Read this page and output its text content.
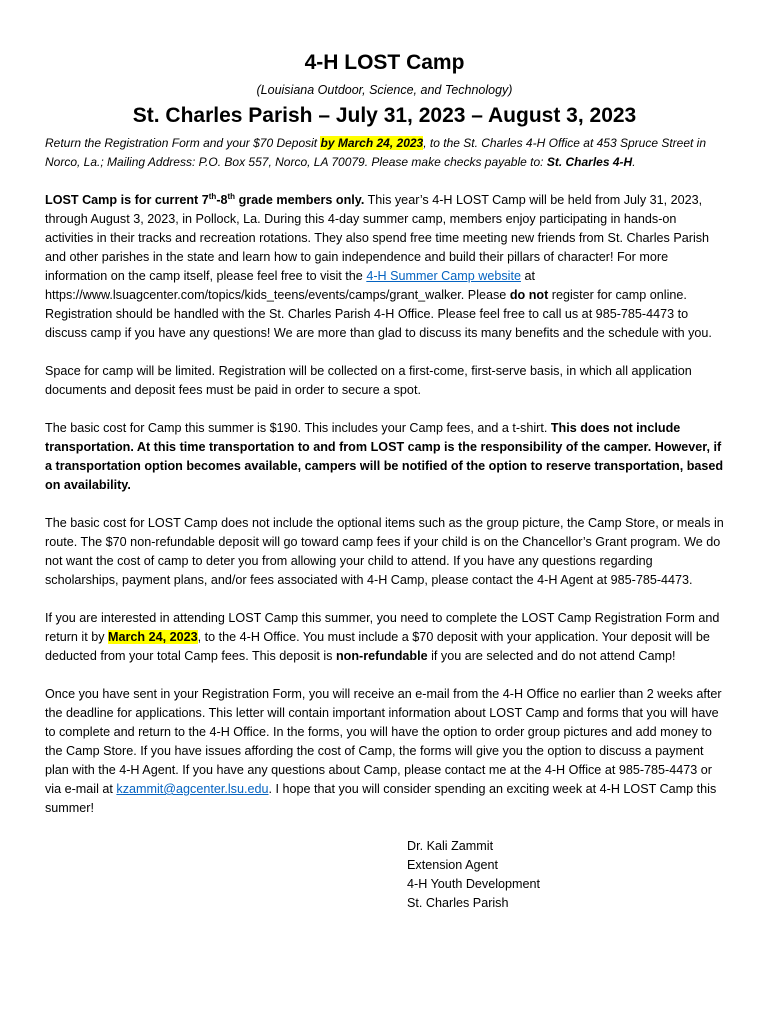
4-H LOST Camp
(Louisiana Outdoor, Science, and Technology)
St. Charles Parish – July 31, 2023 – August 3, 2023
Return the Registration Form and your $70 Deposit by March 24, 2023, to the St. Charles 4-H Office at 453 Spruce Street in Norco, La.; Mailing Address: P.O. Box 557, Norco, LA 70079. Please make checks payable to: St. Charles 4-H.

LOST Camp is for current 7th-8th grade members only. This year’s 4-H LOST Camp will be held from July 31, 2023, through August 3, 2023, in Pollock, La. During this 4-day summer camp, members enjoy participating in hands-on activities in their tracks and recreation rotations. They also spend free time meeting new friends from St. Charles Parish and other parishes in the state and learn how to gain independence and build their pillars of character! For more information on the camp itself, please feel free to visit the 4-H Summer Camp website at https://www.lsuagcenter.com/topics/kids_teens/events/camps/grant_walker. Please do not register for camp online. Registration should be handled with the St. Charles Parish 4-H Office. Please feel free to call us at 985-785-4473 to discuss camp if you have any questions! We are more than glad to discuss its many benefits and the schedule with you.

Space for camp will be limited. Registration will be collected on a first-come, first-serve basis, in which all application documents and deposit fees must be paid in order to secure a spot.

The basic cost for Camp this summer is $190. This includes your Camp fees, and a t-shirt. This does not include transportation. At this time transportation to and from LOST camp is the responsibility of the camper. However, if a transportation option becomes available, campers will be notified of the option to reserve transportation, based on availability.

The basic cost for LOST Camp does not include the optional items such as the group picture, the Camp Store, or meals in route. The $70 non-refundable deposit will go toward camp fees if your child is on the Chancellor’s Grant program. We do not want the cost of camp to deter you from allowing your child to attend. If you have any questions regarding scholarships, payment plans, and/or fees associated with 4-H Camp, please contact the 4-H Agent at 985-785-4473.

If you are interested in attending LOST Camp this summer, you need to complete the LOST Camp Registration Form and return it by March 24, 2023, to the 4-H Office. You must include a $70 deposit with your application. Your deposit will be deducted from your total Camp fees. This deposit is non-refundable if you are selected and do not attend Camp!

Once you have sent in your Registration Form, you will receive an e-mail from the 4-H Office no earlier than 2 weeks after the deadline for applications. This letter will contain important information about LOST Camp and forms that you will have to complete and return to the 4-H Office. In the forms, you will have the option to order group pictures and add money to the Camp Store. If you have issues affording the cost of Camp, the forms will give you the option to discuss a payment plan with the 4-H Agent. If you have any questions about Camp, please contact me at the 4-H Office at 985-785-4473 or via e-mail at kzammit@agcenter.lsu.edu. I hope that you will consider spending an exciting week at 4-H LOST Camp this summer!

Dr. Kali Zammit
Extension Agent
4-H Youth Development
St. Charles Parish
